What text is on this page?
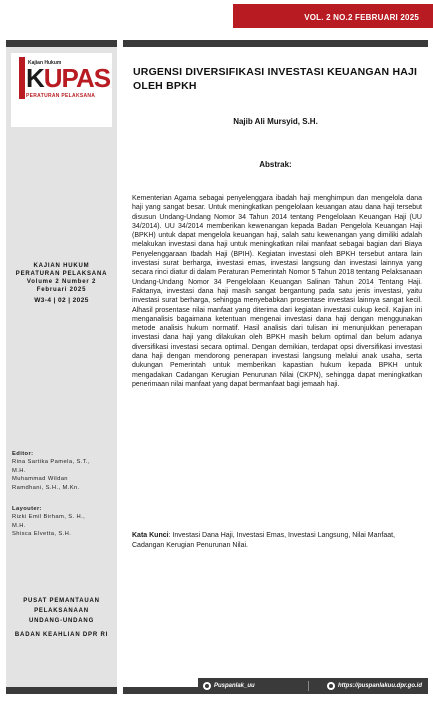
VOL. 2 NO.2 FEBRUARI 2025
Kajian Hukum
KUPAS
PERATURAN PELAKSANA
KAJIAN HUKUM
PERATURAN PELAKSANA
Volume 2 Number 2
Februari 2025
W3-4 | 02 | 2025
Editor:
Rina Sartika Pamela, S.T.,
M.H.
Muhammad Wildan
Ramdhani, S.H., M.Kn.
Layouter:
Rizki Emil Birham, S. H.,
M.H.
Shisca Elvetta, S.H.
PUSAT PEMANTAUAN
PELAKSANAAN
UNDANG-UNDANG
BADAN KEAHLIAN DPR RI
URGENSI DIVERSIFIKASI INVESTASI KEUANGAN HAJI OLEH BPKH
Najib Ali Mursyid, S.H.
Abstrak:
Kementerian Agama sebagai penyelenggara ibadah haji menghimpun dan mengelola dana haji yang sangat besar. Untuk meningkatkan pengelolaan keuangan atau dana haji tersebut disusun Undang-Undang Nomor 34 Tahun 2014 tentang Pengelolaan Keuangan Haji (UU 34/2014). UU 34/2014 memberikan kewenangan kepada Badan Pengelola Keuangan Haji (BPKH) untuk dapat mengelola keuangan haji, salah satu kewenangan yang dimiliki adalah melakukan investasi dana haji untuk meningkatkan nilai manfaat sebagai bagian dari Biaya Penyelenggaraan Ibadah Haji (BPIH). Kegiatan investasi oleh BPKH tersebut antara lain investasi surat berharga, investasi emas, investasi langsung dan investasi lainnya yang secara rinci diatur di dalam Peraturan Pemerintah Nomor 5 Tahun 2018 tentang Pelaksanaan Undang-Undang Nomor 34 Pengelolaan Keuangan Salinan Tahun 2014 Tentang Haji. Faktanya, investasi dana haji masih sangat bergantung pada satu jenis investasi, yaitu investasi surat berharga, sehingga menyebabkan prosentase investasi lainnya sangat kecil. Alhasil prosentase nilai manfaat yang diterima dari kegiatan investasi cukup kecil. Kajian ini menganalisis bagaimana ketentuan mengenai investasi dana haji dengan menggunakan metode analisis hukum normatif. Hasil analisis dari tulisan ini menunjukkan penerapan investasi dana haji yang dilakukan oleh BPKH masih belum optimal dan belum adanya diversifikasi investasi secara optimal. Dengan demikian, terdapat opsi diversifikasi investasi dana haji dengan mendorong penerapan investasi langsung melalui anak usaha, serta dukungan Pemerintah untuk memberikan kapastian hukum kepada BPKH untuk mengadakan Cadangan Kerugian Penurunan Nilai (CKPN), sehingga dapat meningkatkan penerimaan nilai manfaat yang dapat bermanfaat bagi jemaah haji.
Kata Kunci: Investasi Dana Haji, Investasi Emas, Investasi Langsung, Nilai Manfaat, Cadangan Kerugian Penurunan Nilai.
Puspanlak_uu	https://puspanlakuu.dpr.go.id
